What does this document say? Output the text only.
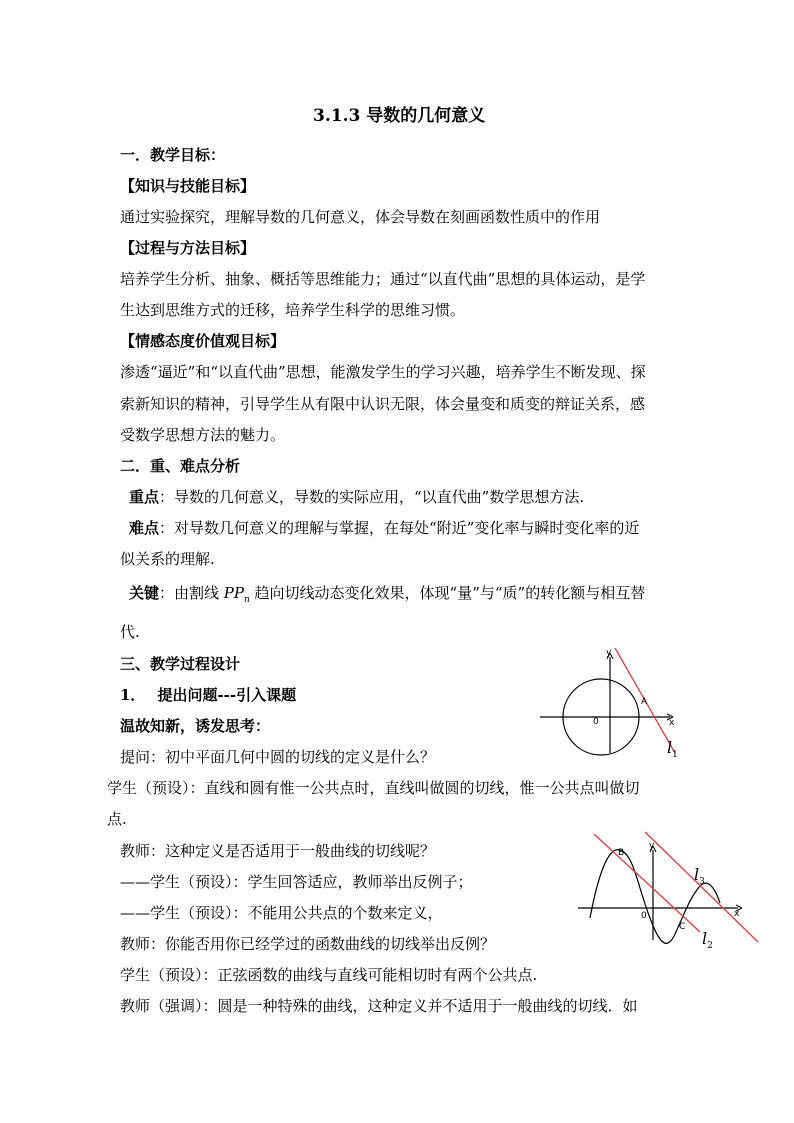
3.1.3 导数的几何意义
一．教学目标：
【知识与技能目标】
通过实验探究，理解导数的几何意义，体会导数在刻画函数性质中的作用
【过程与方法目标】
培养学生分析、抽象、概括等思维能力；通过“以直代曲”思想的具体运动，是学
生达到思维方式的迁移，培养学生科学的思维习惯。
【情感态度价值观目标】
渗透“逼近”和“以直代曲”思想，能激发学生的学习兴趣，培养学生不断发现、探
索新知识的精神，引导学生从有限中认识无限，体会量变和质变的辩证关系，感
受数学思想方法的魅力。
二．重、难点分析
重点：导数的几何意义，导数的实际应用，“以直代曲”数学思想方法.
难点：对导数几何意义的理解与掌握，在每处“附近”变化率与瞬时变化率的近
似关系的理解.
关键：由割线 $PP_n$ 趋向切线动态变化效果，体现“量”与“质”的转化额与相互替
代.
三、教学过程设计
1． 提出问题---引入课题
温故知新，诱发思考：
提问：初中平面几何中圆的切线的定义是什么？
学生（预设）：直线和圆有惟一公共点时，直线叫做圆的切线，惟一公共点叫做切
点.
教师：这种定义是否适用于一般曲线的切线呢？
——学生（预设）：学生回答适应，教师举出反例子；
——学生（预设）：不能用公共点的个数来定义，
教师：你能否用你已经学过的函数曲线的切线举出反例？
学生（预设）：正弦函数的曲线与直线可能相切时有两个公共点.
教师（强调）：圆是一种特殊的曲线，这种定义并不适用于一般曲线的切线．如
y
x
0
A
$l_1$
y
x
0
B
C
$l_3$
$l_2$
